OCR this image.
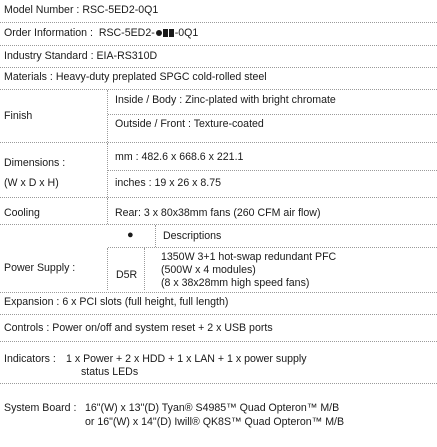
Model Number : RSC-5ED2-0Q1
Order Information : RSC-5ED2- -0Q1
Industry Standard : EIA-RS310D
Materials : Heavy-duty preplated SPGC cold-rolled steel
Finish
Inside / Body : Zinc-plated with bright chromate
Outside / Front : Texture-coated
Dimensions :
(W x D x H)
mm : 482.6 x 668.6 x 221.1
inches : 19 x 26 x 8.75
Cooling	Rear: 3 x 80x38mm fans (260 CFM air flow)
●	Descriptions
Power Supply :
D5R
1350W 3+1 hot-swap redundant PFC
(500W x 4 modules)
(8 x 38x28mm high speed fans)
Expansion : 6 x PCI slots (full height, full length)
Controls : Power on/off and system reset + 2 x USB ports
Indicators : 1 x Power + 2 x HDD + 1 x LAN + 1 x power supply
status LEDs
System Board : 16"(W) x 13"(D) Tyan® S4985™ Quad Opteron™ M/B
or 16"(W) x 14"(D) Iwill® QK8S™ Quad Opteron™ M/B
